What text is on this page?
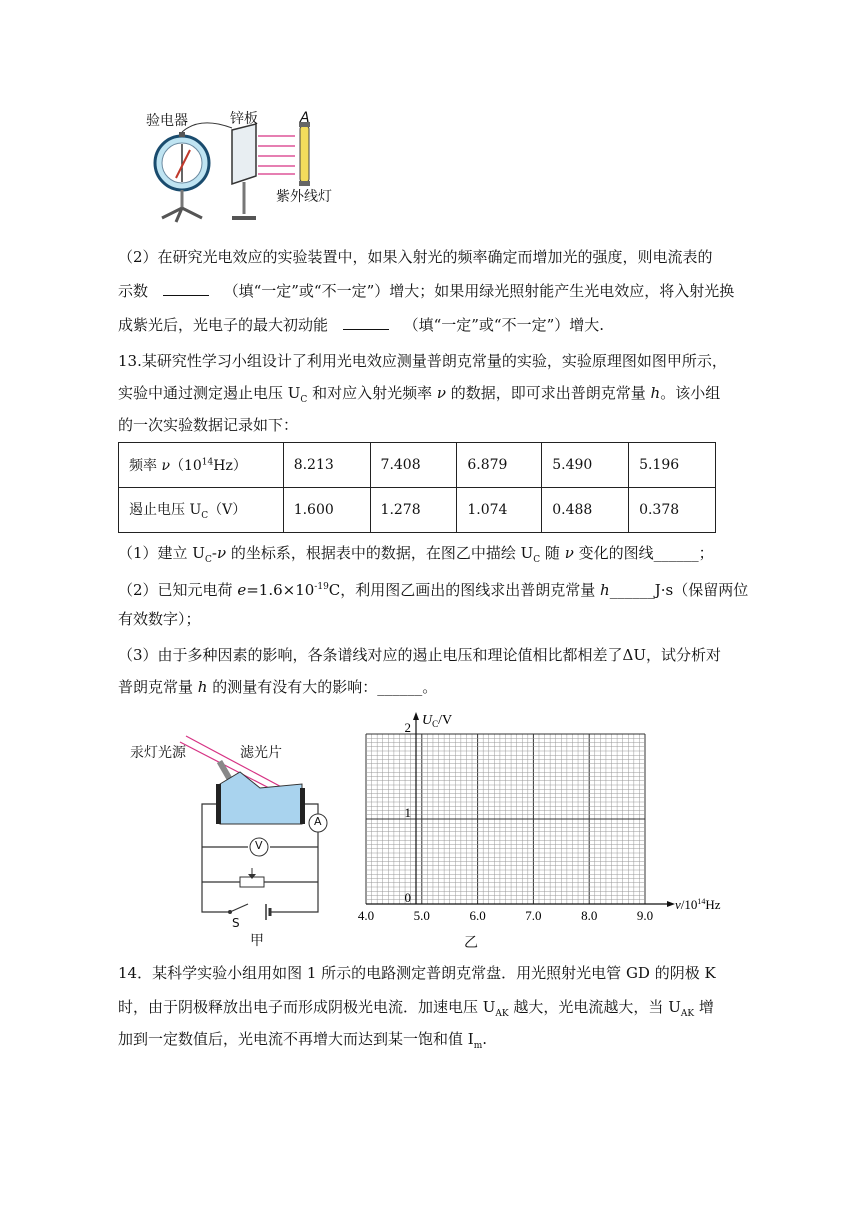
验电器	锌板	A
紫外线灯
（2）在研究光电效应的实验装置中，如果入射光的频率确定而增加光的强度，则电流表的
示数	（填“一定”或“不一定”）增大；如果用绿光照射能产生光电效应，将入射光换
成紫光后，光电子的最大初动能	（填“一定”或“不一定”）增大.
13.某研究性学习小组设计了利用光电效应测量普朗克常量的实验，实验原理图如图甲所示，
实验中通过测定遏止电压 $U_C$ 和对应入射光频率 ν 的数据，即可求出普朗克常量 h。该小组
的一次实验数据记录如下：
频率 $\nu(10^{14}Hz)$	8.213	7.408	6.879	5.490	5.196
遏止电压 $U_C(V)$	1.600	1.278	1.074	0.488	0.378
（1）建立 $U_C-\nu$ 的坐标系，根据表中的数据，在图乙中描绘 $U_C$ 随 ν 变化的图线______；
（2）已知元电荷 $e=1.6\times 10^{-19}C$，利用图乙画出的图线求出普朗克常量 h______J·s（保留两位
有效数字）；
（3）由于多种因素的影响，各条谱线对应的遏止电压和理论值相比都相差了ΔU，试分析对
普朗克常量 h 的测量有没有大的影响：______。
汞灯光源	滤光片
A
V
S
甲
4.0	5.0	6.0	7.0	8.0	9.0
0
1
2 $U_C/V$
$\nu/10^{14}Hz$
乙
14．某科学实验小组用如图 1 所示的电路测定普朗克常盘．用光照射光电管 GD 的阴极 K
时，由于阴极释放出电子而形成阴极光电流．加速电压 $U_{AK}$ 越大，光电流越大，当 $U_{AK}$ 增
加到一定数值后，光电流不再增大而达到某一饱和值 $I_m$.
